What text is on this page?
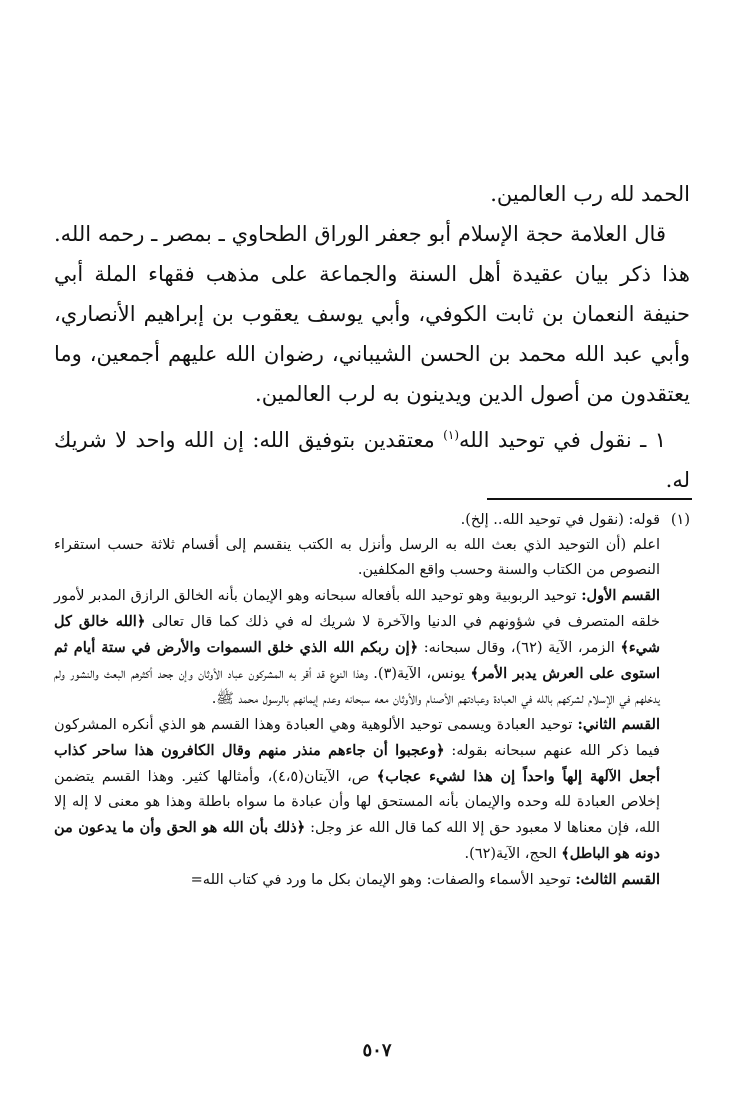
الحمد لله رب العالمين.

قال العلامة حجة الإسلام أبو جعفر الوراق الطحاوي ـ بمصر ـ رحمه الله. هذا ذكر بيان عقيدة أهل السنة والجماعة على مذهب فقهاء الملة أبي حنيفة النعمان بن ثابت الكوفي، وأبي يوسف يعقوب بن إبراهيم الأنصاري، وأبي عبد الله محمد بن الحسن الشيباني، رضوان الله عليهم أجمعين، وما يعتقدون من أصول الدين ويدينون به لرب العالمين.

١ ـ نقول في توحيد الله$^{(١)}$ معتقدين بتوفيق الله: إن الله واحد لا شريك له.

(١)
قوله: (نقول في توحيد الله.. إلخ).

اعلم (أن التوحيد الذي بعث الله به الرسل وأنزل به الكتب ينقسم إلى أقسام ثلاثة حسب استقراء النصوص من الكتاب والسنة وحسب واقع المكلفين.

القسم الأول: توحيد الربوبية وهو توحيد الله بأفعاله سبحانه وهو الإيمان بأنه الخالق الرازق المدبر لأمور خلقه المتصرف في شؤونهم في الدنيا والآخرة لا شريك له في ذلك كما قال تعالى ﴿الله خالق كل شيء﴾ الزمر، الآية (٦٢)، وقال سبحانه: ﴿إن ربكم الله الذي خلق السموات والأرض في ستة أيام ثم استوى على العرش يدبر الأمر﴾ يونس، الآية(٣). وهذا النوع قد أقر به المشركون عباد الأوثان وإن جحد أكثرهم البعث والنشور ولم يدخلهم في الإسلام لشركهم بالله في العبادة وعبادتهم الأصنام والأوثان معه سبحانه وعدم إيمانهم بالرسول محمد ﷺ.

القسم الثاني: توحيد العبادة ويسمى توحيد الألوهية وهي العبادة وهذا القسم هو الذي أنكره المشركون فيما ذكر الله عنهم سبحانه بقوله: ﴿وعجبوا أن جاءهم منذر منهم وقال الكافرون هذا ساحر كذاب أجعل الآلهة إلهاً واحداً إن هذا لشيء عجاب﴾ ص، الآيتان(٤،٥)، وأمثالها كثير. وهذا القسم يتضمن إخلاص العبادة لله وحده والإيمان بأنه المستحق لها وأن عبادة ما سواه باطلة وهذا هو معنى لا إله إلا الله، فإن معناها لا معبود حق إلا الله كما قال الله عز وجل: ﴿ذلك بأن الله هو الحق وأن ما يدعون من دونه هو الباطل﴾ الحج، الآية(٦٢).

القسم الثالث: توحيد الأسماء والصفات: وهو الإيمان بكل ما ورد في كتاب الله=

٥٠٧
